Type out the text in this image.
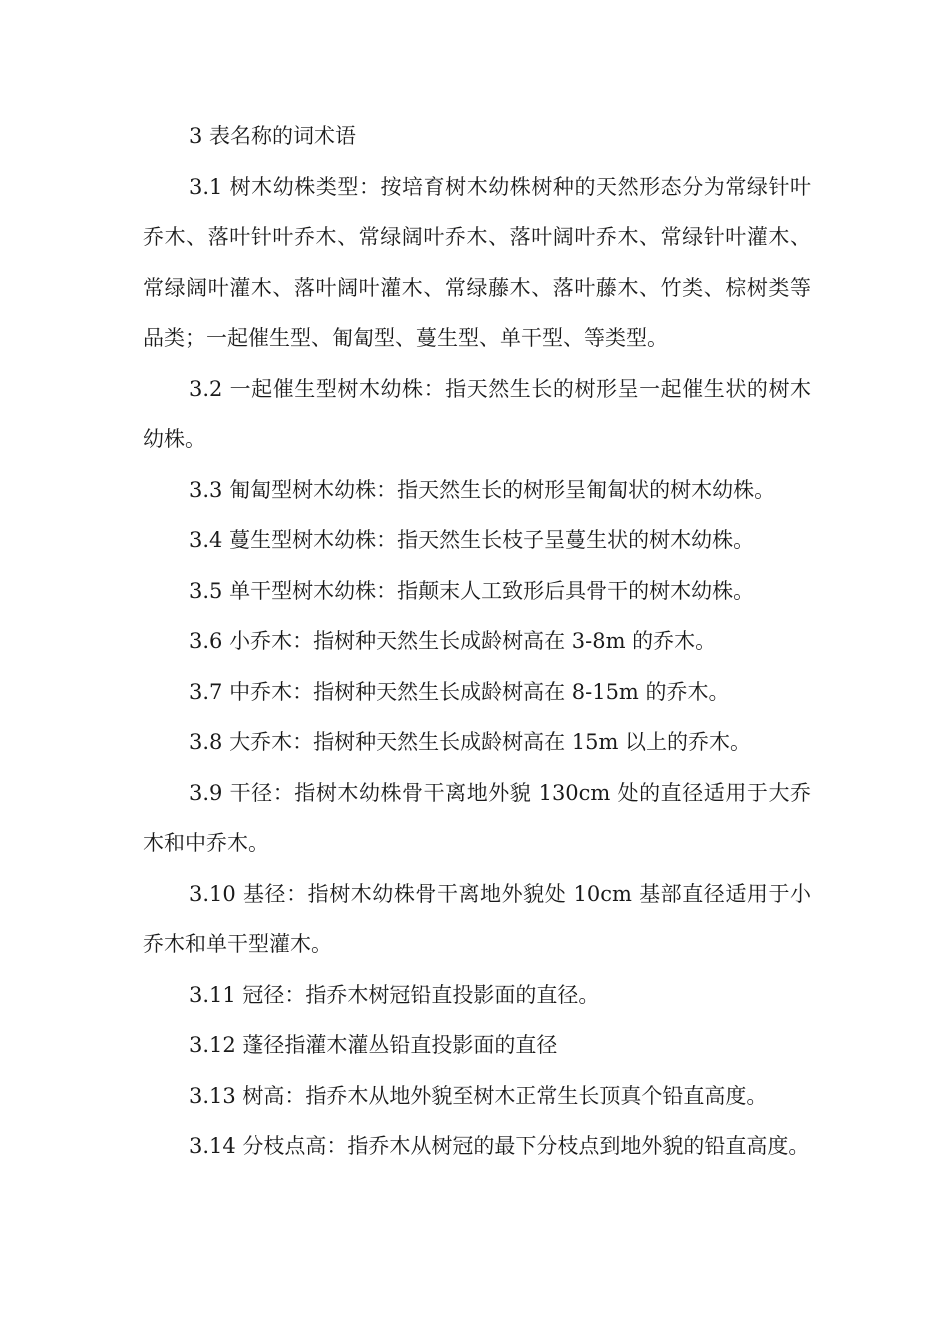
3 表名称的词术语

3.1 树木幼株类型：按培育树木幼株树种的天然形态分为常绿针叶乔木、落叶针叶乔木、常绿阔叶乔木、落叶阔叶乔木、常绿针叶灌木、常绿阔叶灌木、落叶阔叶灌木、常绿藤木、落叶藤木、竹类、棕树类等品类；一起催生型、匍匐型、蔓生型、单干型、等类型。

3.2 一起催生型树木幼株：指天然生长的树形呈一起催生状的树木幼株。

3.3 匍匐型树木幼株：指天然生长的树形呈匍匐状的树木幼株。

3.4 蔓生型树木幼株：指天然生长枝子呈蔓生状的树木幼株。

3.5 单干型树木幼株：指颠末人工致形后具骨干的树木幼株。

3.6 小乔木：指树种天然生长成龄树高在 3-8m 的乔木。

3.7 中乔木：指树种天然生长成龄树高在 8-15m 的乔木。

3.8 大乔木：指树种天然生长成龄树高在 15m 以上的乔木。

3.9 干径：指树木幼株骨干离地外貌 130cm 处的直径适用于大乔木和中乔木。

3.10 基径：指树木幼株骨干离地外貌处 10cm 基部直径适用于小乔木和单干型灌木。

3.11 冠径：指乔木树冠铅直投影面的直径。

3.12 蓬径指灌木灌丛铅直投影面的直径

3.13 树高：指乔木从地外貌至树木正常生长顶真个铅直高度。

3.14 分枝点高：指乔木从树冠的最下分枝点到地外貌的铅直高度。
